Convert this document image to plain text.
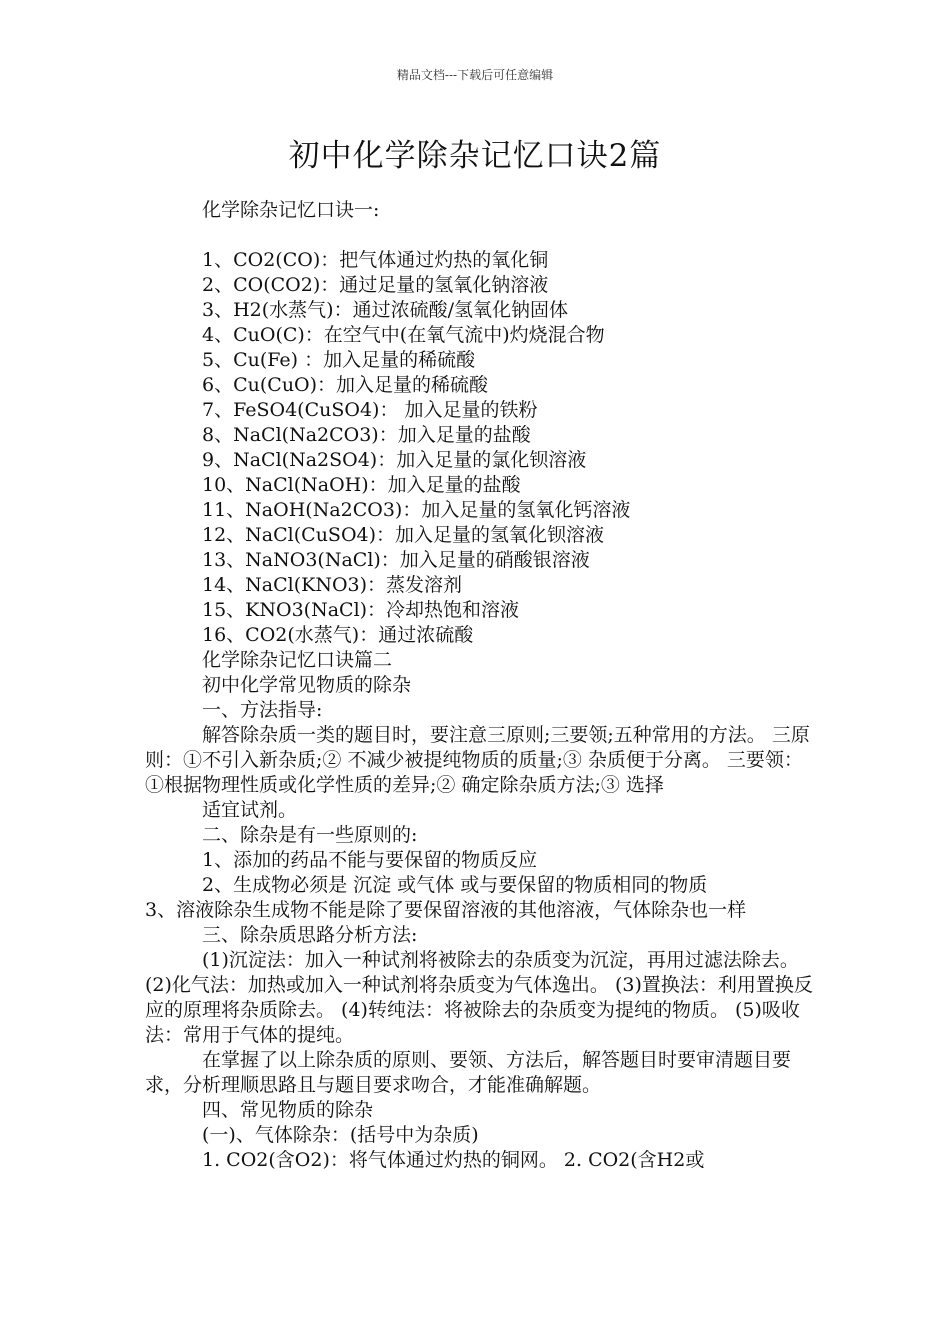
精品文档---下载后可任意编辑
初中化学除杂记忆口诀2篇

化学除杂记忆口诀一:

1、CO2(CO)：把气体通过灼热的氧化铜

2、CO(CO2)：通过足量的氢氧化钠溶液

3、H2(水蒸气)：通过浓硫酸/氢氧化钠固体

4、CuO(C)：在空气中(在氧气流中)灼烧混合物

5、Cu(Fe) ：加入足量的稀硫酸

6、Cu(CuO)：加入足量的稀硫酸

7、FeSO4(CuSO4)： 加入足量的铁粉

8、NaCl(Na2CO3)：加入足量的盐酸

9、NaCl(Na2SO4)：加入足量的氯化钡溶液

10、NaCl(NaOH)：加入足量的盐酸

11、NaOH(Na2CO3)：加入足量的氢氧化钙溶液

12、NaCl(CuSO4)：加入足量的氢氧化钡溶液

13、NaNO3(NaCl)：加入足量的硝酸银溶液

14、NaCl(KNO3)：蒸发溶剂

15、KNO3(NaCl)：冷却热饱和溶液

16、CO2(水蒸气)：通过浓硫酸

化学除杂记忆口诀篇二

初中化学常见物质的除杂

一、方法指导:

解答除杂质一类的题目时，要注意三原则;三要领;五种常用的方法。 三原则：①不引入新杂质;② 不减少被提纯物质的质量;③ 杂质便于分离。 三要领：①根据物理性质或化学性质的差异;② 确定除杂质方法;③ 选择

适宜试剂。

二、除杂是有一些原则的:

1、添加的药品不能与要保留的物质反应

2、生成物必须是 沉淀 或气体 或与要保留的物质相同的物质

3、溶液除杂生成物不能是除了要保留溶液的其他溶液，气体除杂也一样

三、除杂质思路分析方法:

(1)沉淀法：加入一种试剂将被除去的杂质变为沉淀，再用过滤法除去。 (2)化气法：加热或加入一种试剂将杂质变为气体逸出。 (3)置换法：利用置换反应的原理将杂质除去。 (4)转纯法：将被除去的杂质变为提纯的物质。 (5)吸收法：常用于气体的提纯。

在掌握了以上除杂质的原则、要领、方法后，解答题目时要审清题目要求，分析理顺思路且与题目要求吻合，才能准确解题。

四、常见物质的除杂

(一)、气体除杂：(括号中为杂质)

1. CO2(含O2)：将气体通过灼热的铜网。 2. CO2(含H2或
